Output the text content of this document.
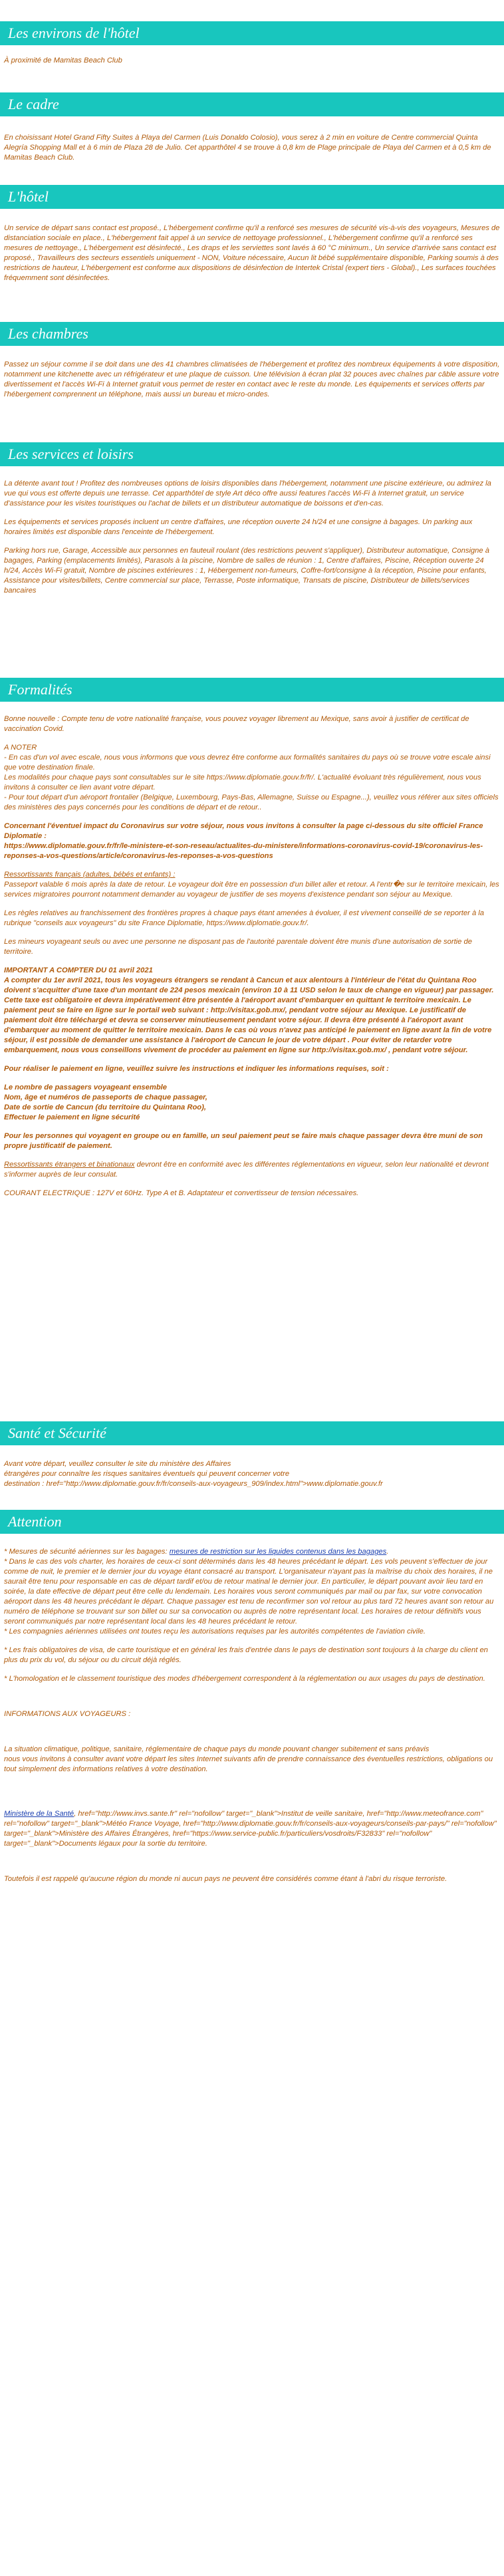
Les environs de l'hôtel

À proximité de Mamitas Beach Club

Le cadre

En choisissant Hotel Grand Fifty Suites à Playa del Carmen (Luis Donaldo Colosio), vous serez à 2 min en voiture de Centre commercial Quinta Alegría Shopping Mall et à 6 min de Plaza 28 de Julio. Cet apparthôtel 4 se trouve à 0,8 km de Plage principale de Playa del Carmen et à 0,5 km de Mamitas Beach Club.

L'hôtel

Un service de départ sans contact est proposé., L'hébergement confirme qu'il a renforcé ses mesures de sécurité vis-à-vis des voyageurs, Mesures de distanciation sociale en place., L'hébergement fait appel à un service de nettoyage professionnel., L'hébergement confirme qu'il a renforcé ses mesures de nettoyage., L'hébergement est désinfecté., Les draps et les serviettes sont lavés à 60 °C minimum., Un service d'arrivée sans contact est proposé., Travailleurs des secteurs essentiels uniquement - NON, Voiture nécessaire, Aucun lit bébé supplémentaire disponible, Parking soumis à des restrictions de hauteur, L'hébergement est conforme aux dispositions de désinfection de Intertek Cristal (expert tiers - Global)., Les surfaces touchées fréquemment sont désinfectées.

Les chambres

Passez un séjour comme il se doit dans une des 41 chambres climatisées de l'hébergement et profitez des nombreux équipements à votre disposition, notamment une kitchenette avec un réfrigérateur et une plaque de cuisson. Une télévision à écran plat 32 pouces avec chaînes par câble assure votre divertissement et l'accès Wi-Fi à Internet gratuit vous permet de rester en contact avec le reste du monde. Les équipements et services offerts par l'hébergement comprennent un téléphone, mais aussi un bureau et micro-ondes.

Les services et loisirs

La détente avant tout ! Profitez des nombreuses options de loisirs disponibles dans l'hébergement, notamment une piscine extérieure, ou admirez la vue qui vous est offerte depuis une terrasse. Cet apparthôtel de style Art déco offre aussi features l'accès Wi-Fi à Internet gratuit, un service d'assistance pour les visites touristiques ou l'achat de billets et un distributeur automatique de boissons et d'en-cas.

Les équipements et services proposés incluent un centre d'affaires, une réception ouverte 24 h/24 et une consigne à bagages. Un parking aux horaires limités est disponible dans l'enceinte de l'hébergement.

Parking hors rue, Garage, Accessible aux personnes en fauteuil roulant (des restrictions peuvent s'appliquer), Distributeur automatique, Consigne à bagages, Parking (emplacements limités), Parasols à la piscine, Nombre de salles de réunion : 1, Centre d'affaires, Piscine, Réception ouverte 24 h/24, Accès Wi-Fi gratuit, Nombre de piscines extérieures : 1, Hébergement non-fumeurs, Coffre-fort/consigne à la réception, Piscine pour enfants, Assistance pour visites/billets, Centre commercial sur place, Terrasse, Poste informatique, Transats de piscine, Distributeur de billets/services bancaires

Formalités

Bonne nouvelle : Compte tenu de votre nationalité française, vous pouvez voyager librement au Mexique, sans avoir à justifier de certificat de vaccination Covid.

A NOTER
- En cas d'un vol avec escale, nous vous informons que vous devrez être conforme aux formalités sanitaires du pays où se trouve votre escale ainsi que votre destination finale.
Les modalités pour chaque pays sont consultables sur le site https://www.diplomatie.gouv.fr/fr/. L'actualité évoluant très régulièrement, nous vous invitons à consulter ce lien avant votre départ.
- Pour tout départ d'un aéroport frontalier (Belgique, Luxembourg, Pays-Bas, Allemagne, Suisse ou Espagne...), veuillez vous référer aux sites officiels des ministères des pays concernés pour les conditions de départ et de retour..

Concernant l'éventuel impact du Coronavirus sur votre séjour, nous vous invitons à consulter la page ci-dessous du site officiel France Diplomatie :
https://www.diplomatie.gouv.fr/fr/le-ministere-et-son-reseau/actualites-du-ministere/informations-coronavirus-covid-19/coronavirus-les-reponses-a-vos-questions/article/coronavirus-les-reponses-a-vos-questions

Ressortissants français (adultes, bébés et enfants) :

Passeport valable 6 mois après la date de retour. Le voyageur doit être en possession d'un billet aller et retour. A l'entr�e sur le territoire mexicain, les services migratoires pourront notamment demander au voyageur de justifier de ses moyens d'existence pendant son séjour au Mexique.

Les règles relatives au franchissement des frontières propres à chaque pays étant amenées à évoluer, il est vivement conseillé de se reporter à la rubrique "conseils aux voyageurs" du site France Diplomatie, https://www.diplomatie.gouv.fr/.

Les mineurs voyageant seuls ou avec une personne ne disposant pas de l'autorité parentale doivent être munis d'une autorisation de sortie de territoire.

IMPORTANT A COMPTER DU 01 avril 2021

A compter du 1er avril 2021, tous les voyageurs étrangers se rendant à Cancun et aux alentours à l'intérieur de l'état du Quintana Roo doivent s'acquitter d'une taxe d'un montant de 224 pesos mexicain (environ 10 à 11 USD selon le taux de change en vigueur) par passager. Cette taxe est obligatoire et devra impérativement être présentée à l'aéroport avant d'embarquer en quittant le territoire mexicain. Le paiement peut se faire en ligne sur le portail web suivant : http://visitax.gob.mx/, pendant votre séjour au Mexique. Le justificatif de paiement doit être téléchargé et devra se conserver minutieusement pendant votre séjour. Il devra être présenté à l'aéroport avant d'embarquer au moment de quitter le territoire mexicain. Dans le cas où vous n'avez pas anticipé le paiement en ligne avant la fin de votre séjour, il est possible de demander une assistance à l'aéroport de Cancun le jour de votre départ . Pour éviter de retarder votre embarquement, nous vous conseillons vivement de procéder au paiement en ligne sur http://visitax.gob.mx/ , pendant votre séjour.

Pour réaliser le paiement en ligne, veuillez suivre les instructions et indiquer les informations requises, soit :

Le nombre de passagers voyageant ensemble
Nom, âge et numéros de passeports de chaque passager,
Date de sortie de Cancun (du territoire du Quintana Roo),
Effectuer le paiement en ligne sécurité

Pour les personnes qui voyagent en groupe ou en famille, un seul paiement peut se faire mais chaque passager devra être muni de son propre justificatif de paiement.

Ressortissants étrangers et binationaux devront être en conformité avec les différentes réglementations en vigueur, selon leur nationalité et devront s'informer auprès de leur consulat.

COURANT ELECTRIQUE : 127V et 60Hz. Type A et B. Adaptateur et convertisseur de tension nécessaires.

Santé et Sécurité

Avant votre départ, veuillez consulter le site du ministère des Affaires
étrangères pour connaître les risques sanitaires éventuels qui peuvent concerner votre
destination : href="http://www.diplomatie.gouv.fr/fr/conseils-aux-voyageurs_909/index.html">www.diplomatie.gouv.fr

Attention

* Mesures de sécurité aériennes sur les bagages: mesures de restriction sur les liquides contenus dans les bagages.
* Dans le cas des vols charter, les horaires de ceux-ci sont déterminés dans les 48 heures précédant le départ. Les vols peuvent s'effectuer de jour comme de nuit, le premier et le dernier jour du voyage étant consacré au transport. L'organisateur n'ayant pas la maîtrise du choix des horaires, il ne saurait être tenu pour responsable en cas de départ tardif et/ou de retour matinal le dernier jour. En particulier, le départ pouvant avoir lieu tard en soirée, la date effective de départ peut être celle du lendemain. Les horaires vous seront communiqués par mail ou par fax, sur votre convocation aéroport dans les 48 heures précédant le départ. Chaque passager est tenu de reconfirmer son vol retour au plus tard 72 heures avant son retour au numéro de téléphone se trouvant sur son billet ou sur sa convocation ou auprès de notre représentant local. Les horaires de retour définitifs vous seront communiqués par notre représentant local dans les 48 heures précédant le retour.
* Les compagnies aériennes utilisées ont toutes reçu les autorisations requises par les autorités compétentes de l'aviation civile.

* Les frais obligatoires de visa, de carte touristique et en général les frais d'entrée dans le pays de destination sont toujours à la charge du client en plus du prix du vol, du séjour ou du circuit déjà réglés.

* L'homologation et le classement touristique des modes d'hébergement correspondent à la réglementation ou aux usages du pays de destination.

INFORMATIONS AUX VOYAGEURS :

La situation climatique, politique, sanitaire, réglementaire de chaque pays du monde pouvant changer subitement et sans préavis
nous vous invitons à consulter avant votre départ les sites Internet suivants afin de prendre connaissance des éventuelles restrictions, obligations ou tout simplement des informations relatives à votre destination.

Ministère de la Santé, href="http://www.invs.sante.fr" rel="nofollow" target="_blank">Institut de veille sanitaire, href="http://www.meteofrance.com" rel="nofollow" target="_blank">Météo France Voyage, href="http://www.diplomatie.gouv.fr/fr/conseils-aux-voyageurs/conseils-par-pays/" rel="nofollow" target="_blank">Ministère des Affaires Étrangères, href="https://www.service-public.fr/particuliers/vosdroits/F32833" rel="nofollow" target="_blank">Documents légaux pour la sortie du territoire.

Toutefois il est rappelé qu'aucune région du monde ni aucun pays ne peuvent être considérés comme étant à l'abri du risque terroriste.
